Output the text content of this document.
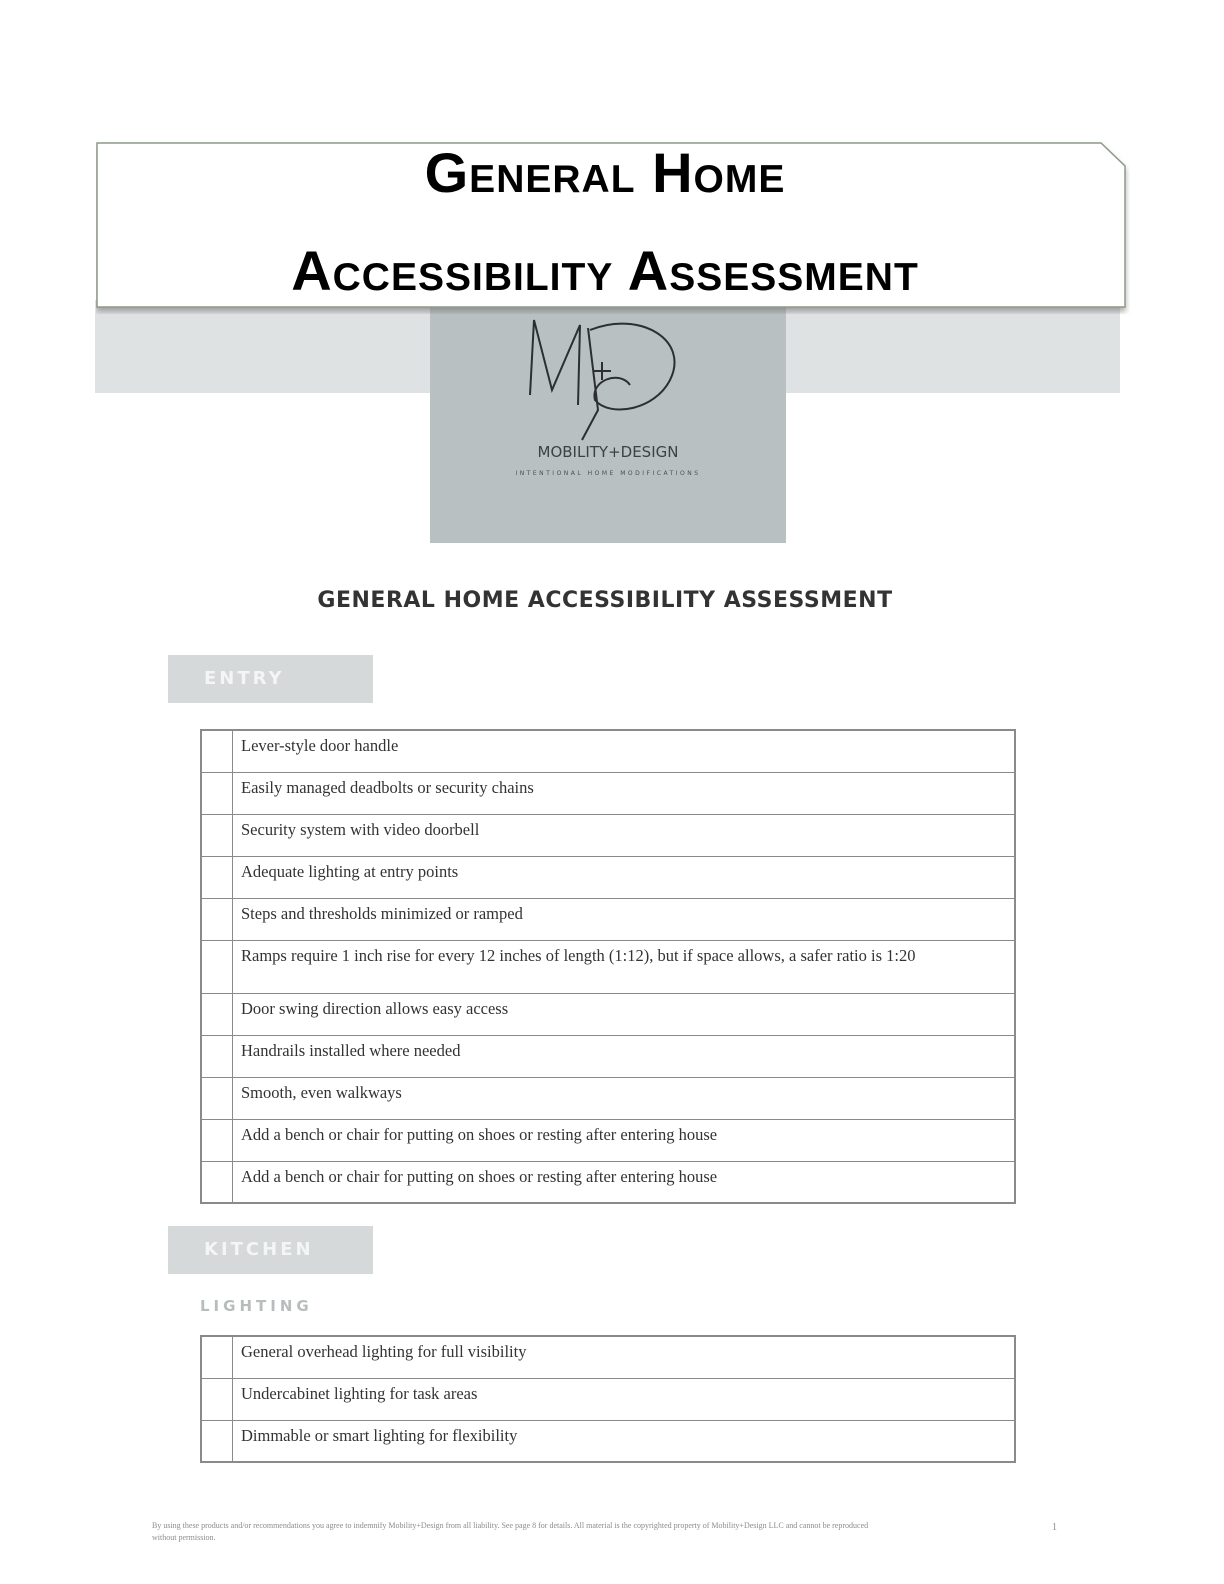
MOBILITY+DESIGN
INTENTIONAL HOME MODIFICATIONS
General Home
Accessibility Assessment
GENERAL HOME ACCESSIBILITY ASSESSMENT
ENTRY
	Lever-style door handle
	Easily managed deadbolts or security chains
	Security system with video doorbell
	Adequate lighting at entry points
	Steps and thresholds minimized or ramped
	Ramps require 1 inch rise for every 12 inches of length (1:12), but if space allows, a safer ratio is 1:20
	Door swing direction allows easy access
	Handrails installed where needed
	Smooth, even walkways
	Add a bench or chair for putting on shoes or resting after entering house
	Add a bench or chair for putting on shoes or resting after entering house
KITCHEN
LIGHTING
	General overhead lighting for full visibility
	Undercabinet lighting for task areas
	Dimmable or smart lighting for flexibility
By using these products and/or recommendations you agree to indemnify Mobility+Design from all liability. See page 8 for details. All material is the copyrighted property of Mobility+Design LLC and cannot be reproduced without permission.
1
